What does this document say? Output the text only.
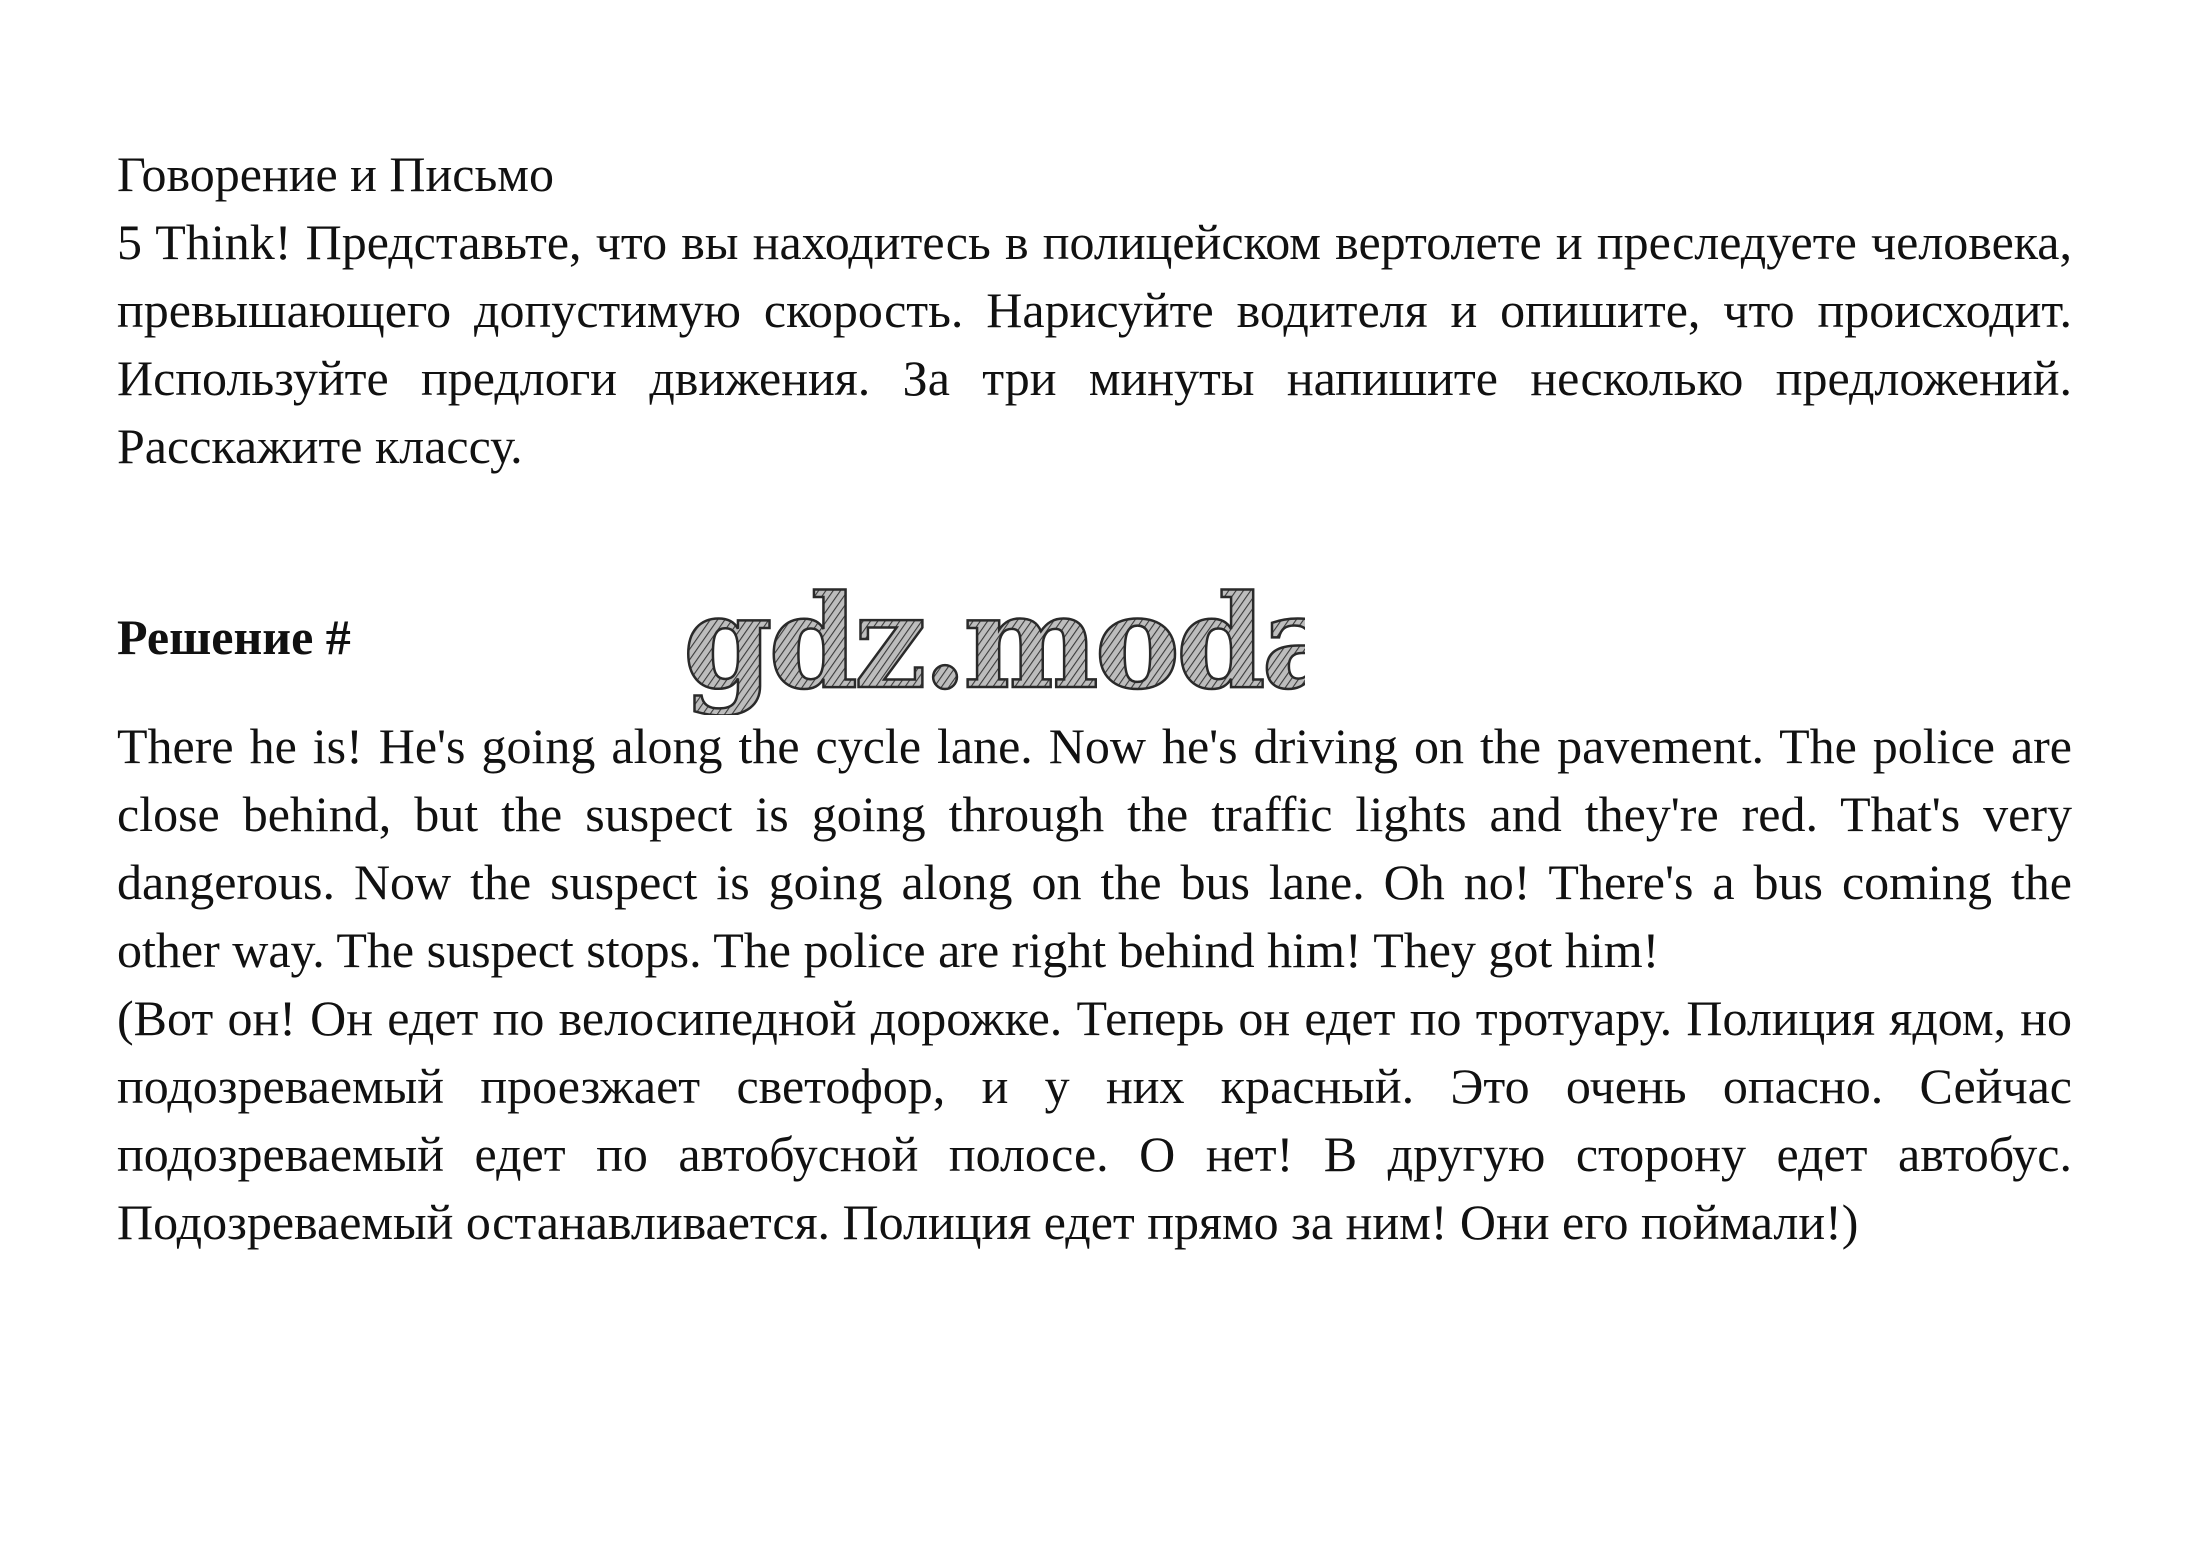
Говорение и Письмо

5 Think! Представьте, что вы находитесь в полицейском вертолете и преследуете человека, превышающего допустимую скорость. Нарисуйте водителя и опишите, что происходит. Используйте предлоги движения. За три минуты напишите несколько предложений. Расскажите классу.

Решение #	gdz.moda

There he is! He's going along the cycle lane. Now he's driving on the pavement. The police are close behind, but the suspect is going through the traffic lights and they're red. That's very dangerous. Now the suspect is going along on the bus lane. Oh no! There's a bus coming the other way. The suspect stops. The police are right behind him! They got him!

(Вот он! Он едет по велосипедной дорожке. Теперь он едет по тротуару. Полиция ядом, но подозреваемый проезжает светофор, и у них красный. Это очень опасно. Сейчас подозреваемый едет по автобусной полосе. О нет! В другую сторону едет автобус. Подозреваемый останавливается. Полиция едет прямо за ним! Они его поймали!)
